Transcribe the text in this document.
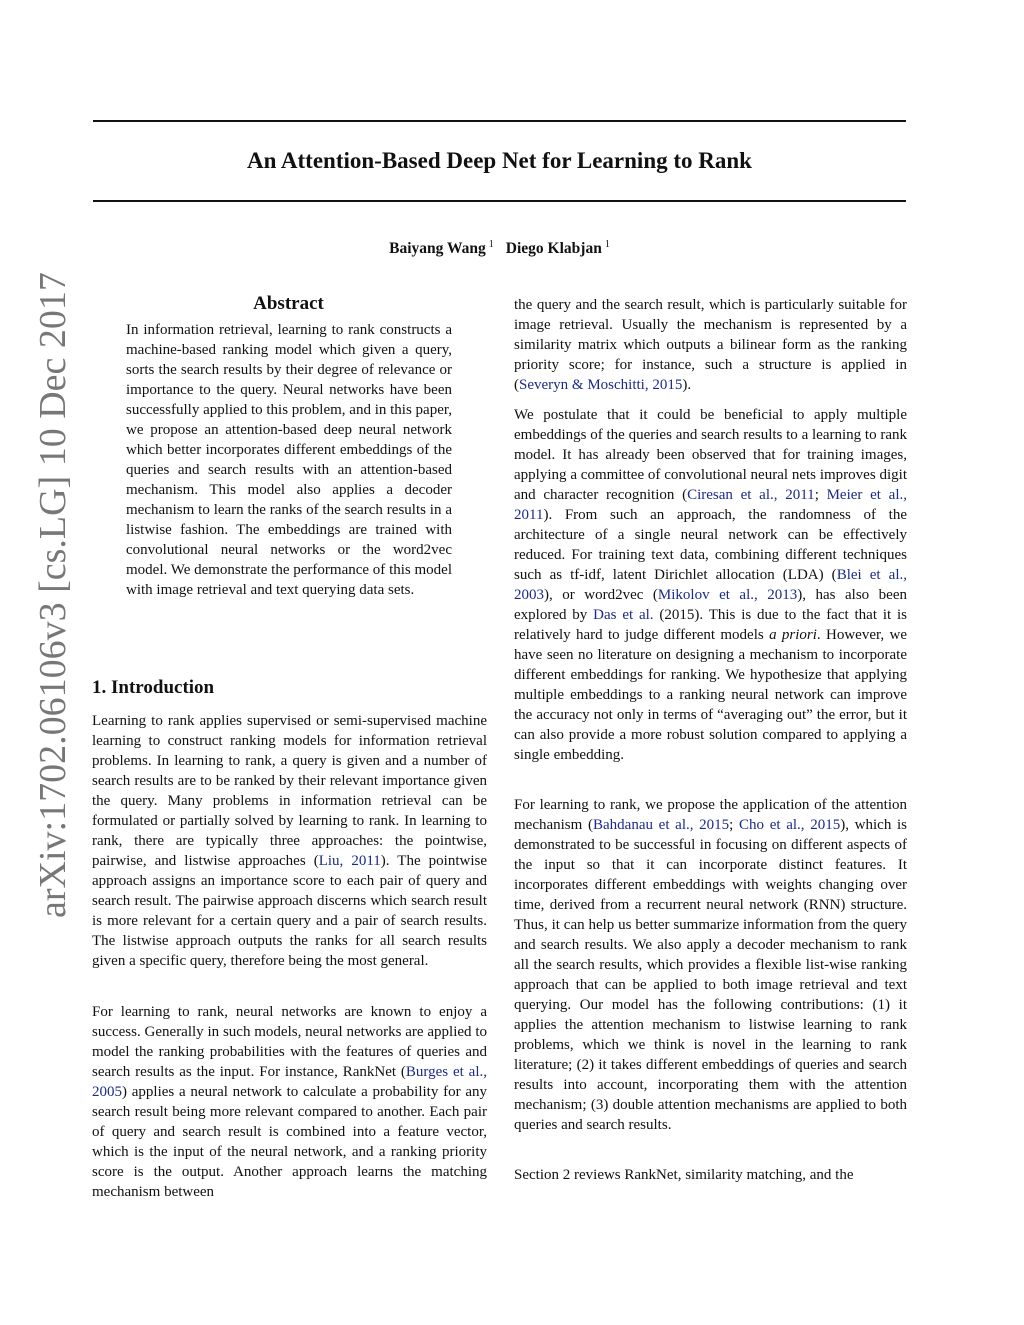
An Attention-Based Deep Net for Learning to Rank
Baiyang Wang $^1$ Diego Klabjan $^1$
arXiv:1702.06106v3 [cs.LG] 10 Dec 2017	Abstract

In information retrieval, learning to rank constructs a machine-based ranking model which given a query, sorts the search results by their degree of relevance or importance to the query. Neural networks have been successfully applied to this problem, and in this paper, we propose an attention-based deep neural network which better incorporates different embeddings of the queries and search results with an attention-based mechanism. This model also applies a decoder mechanism to learn the ranks of the search results in a listwise fashion. The embeddings are trained with convolutional neural networks or the word2vec model. We demonstrate the performance of this model with image retrieval and text querying data sets.

1. Introduction

Learning to rank applies supervised or semi-supervised machine learning to construct ranking models for information retrieval problems. In learning to rank, a query is given and a number of search results are to be ranked by their relevant importance given the query. Many problems in information retrieval can be formulated or partially solved by learning to rank. In learning to rank, there are typically three approaches: the pointwise, pairwise, and listwise approaches (Liu, 2011). The pointwise approach assigns an importance score to each pair of query and search result. The pairwise approach discerns which search result is more relevant for a certain query and a pair of search results. The listwise approach outputs the ranks for all search results given a specific query, therefore being the most general.

For learning to rank, neural networks are known to enjoy a success. Generally in such models, neural networks are applied to model the ranking probabilities with the features of queries and search results as the input. For instance, RankNet (Burges et al., 2005) applies a neural network to calculate a probability for any search result being more relevant compared to another. Each pair of query and search result is combined into a feature vector, which is the input of the neural network, and a ranking priority score is the output. Another approach learns the matching mechanism between

the query and the search result, which is particularly suitable for image retrieval. Usually the mechanism is represented by a similarity matrix which outputs a bilinear form as the ranking priority score; for instance, such a structure is applied in (Severyn & Moschitti, 2015).

We postulate that it could be beneficial to apply multiple embeddings of the queries and search results to a learning to rank model. It has already been observed that for training images, applying a committee of convolutional neural nets improves digit and character recognition (Ciresan et al., 2011; Meier et al., 2011). From such an approach, the randomness of the architecture of a single neural network can be effectively reduced. For training text data, combining different techniques such as tf-idf, latent Dirichlet allocation (LDA) (Blei et al., 2003), or word2vec (Mikolov et al., 2013), has also been explored by Das et al. (2015). This is due to the fact that it is relatively hard to judge different models a priori. However, we have seen no literature on designing a mechanism to incorporate different embeddings for ranking. We hypothesize that applying multiple embeddings to a ranking neural network can improve the accuracy not only in terms of “averaging out” the error, but it can also provide a more robust solution compared to applying a single embedding.

For learning to rank, we propose the application of the attention mechanism (Bahdanau et al., 2015; Cho et al., 2015), which is demonstrated to be successful in focusing on different aspects of the input so that it can incorporate distinct features. It incorporates different embeddings with weights changing over time, derived from a recurrent neural network (RNN) structure. Thus, it can help us better summarize information from the query and search results. We also apply a decoder mechanism to rank all the search results, which provides a flexible list-wise ranking approach that can be applied to both image retrieval and text querying. Our model has the following contributions: (1) it applies the attention mechanism to listwise learning to rank problems, which we think is novel in the learning to rank literature; (2) it takes different embeddings of queries and search results into account, incorporating them with the attention mechanism; (3) double attention mechanisms are applied to both queries and search results.

Section 2 reviews RankNet, similarity matching, and the
